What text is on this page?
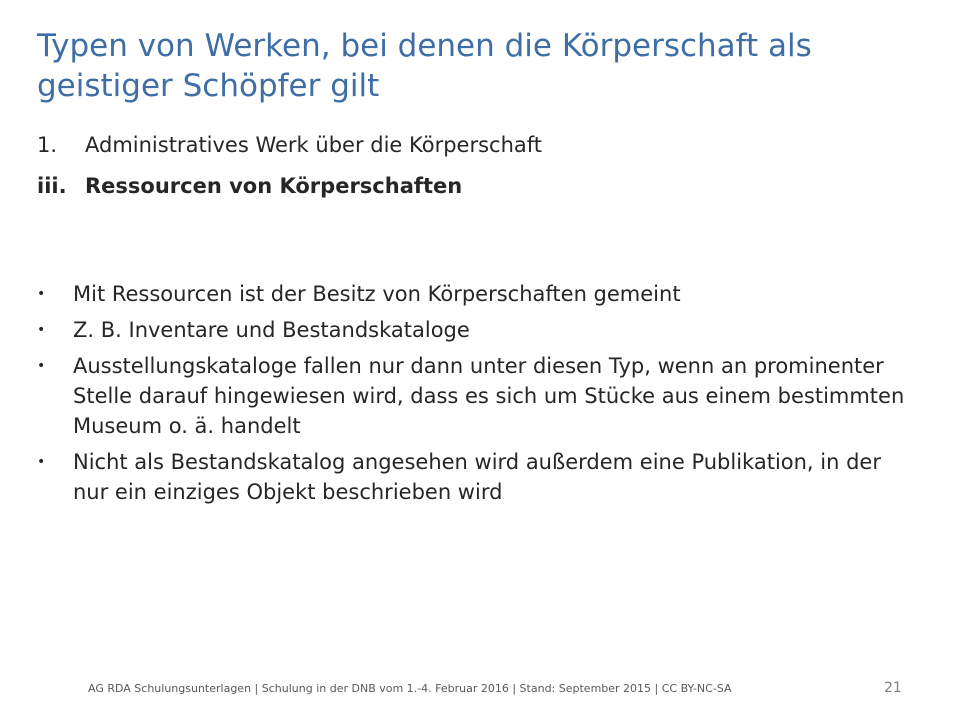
Typen von Werken, bei denen die Körperschaft als geistiger Schöpfer gilt
1. Administratives Werk über die Körperschaft
iii. Ressourcen von Körperschaften
• Mit Ressourcen ist der Besitz von Körperschaften gemeint
• Z. B. Inventare und Bestandskataloge
• Ausstellungskataloge fallen nur dann unter diesen Typ, wenn an prominenter Stelle darauf hingewiesen wird, dass es sich um Stücke aus einem bestimmten Museum o. ä. handelt
• Nicht als Bestandskatalog angesehen wird außerdem eine Publikation, in der nur ein einziges Objekt beschrieben wird
AG RDA Schulungsunterlagen | Schulung in der DNB vom 1.-4. Februar 2016 | Stand: September 2015 | CC BY-NC-SA	21
